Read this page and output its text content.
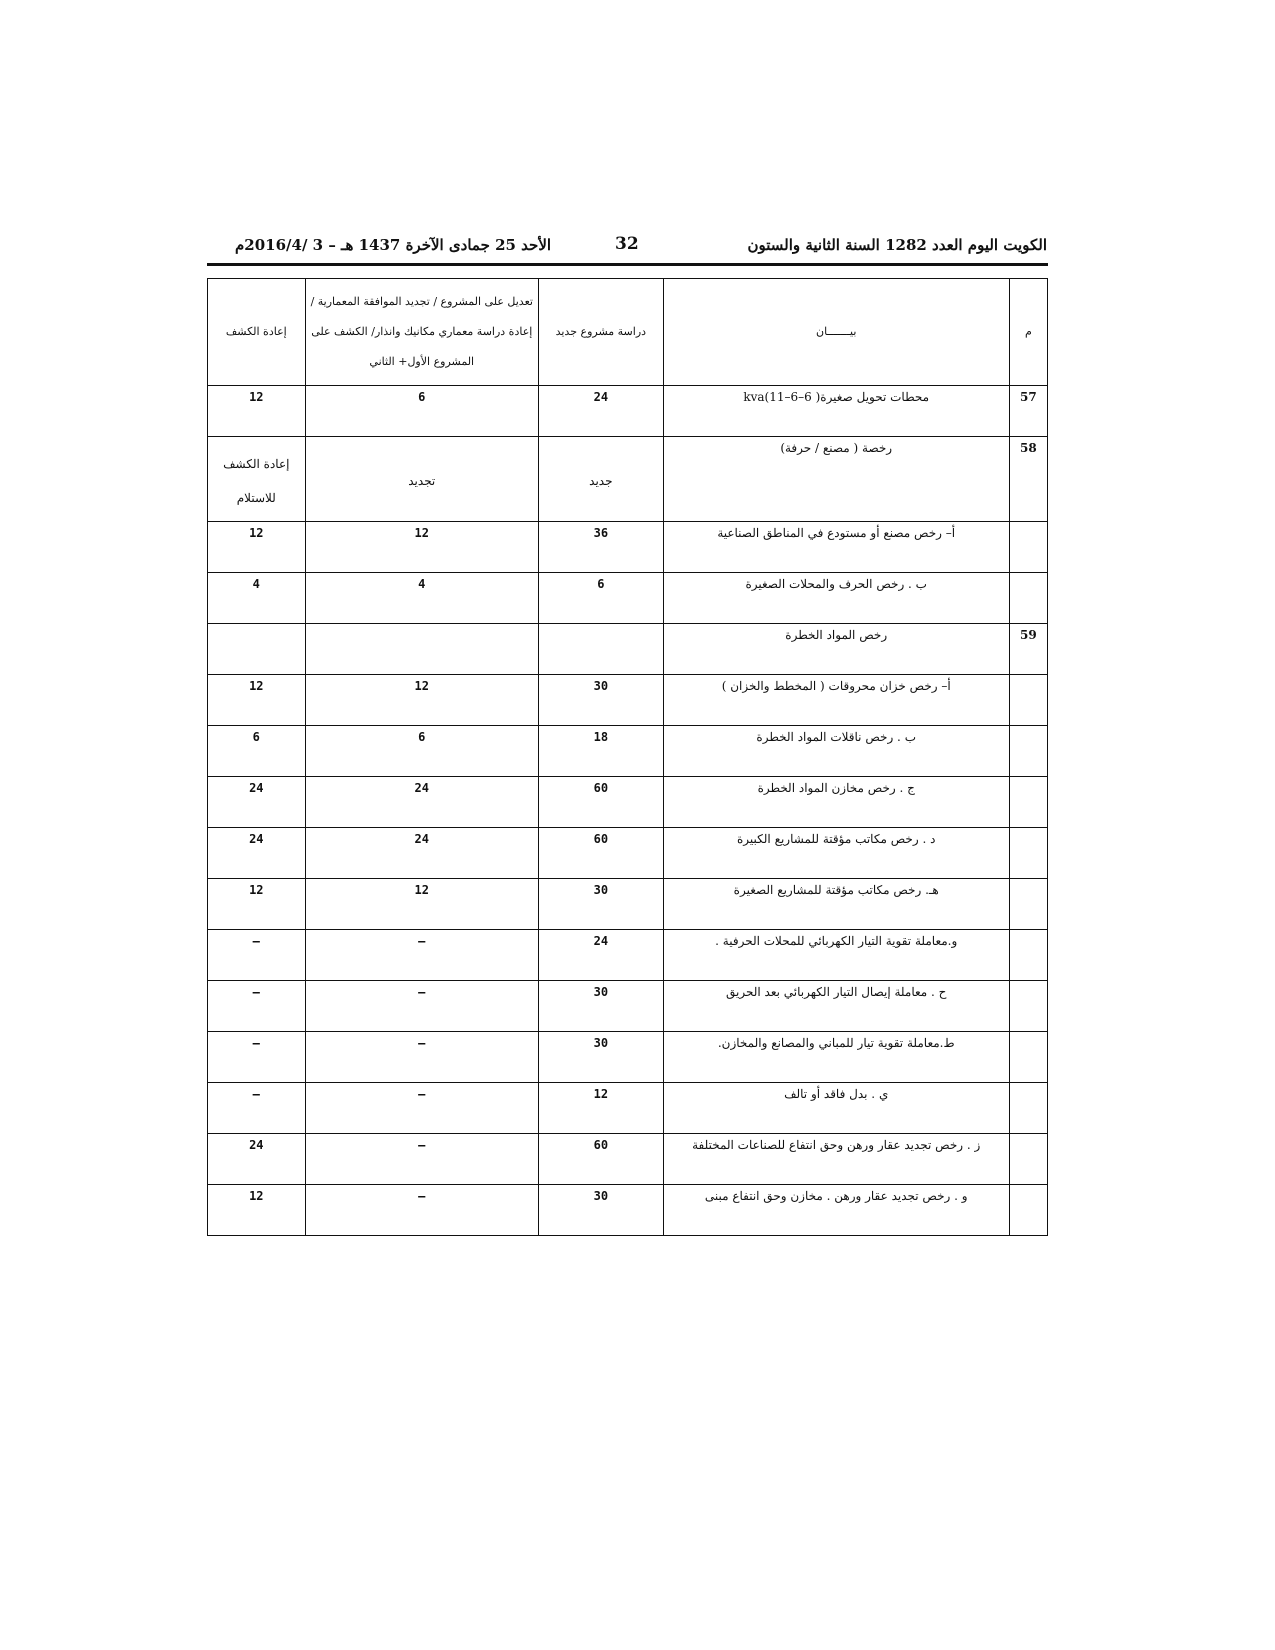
الكويت اليوم العدد 1282 السنة الثانية والستون
32
الأحد 25 جمادى الآخرة 1437 هـ – 3 /2016/4م
إعادة الكشف	تعديل على المشروع / تجديد الموافقة المعمارية /إعادة دراسة معماري مكانيك وانذار/ الكشف على المشروع الأول+ الثاني	دراسة مشروع جديد	بيـــــــان	م
12	6	24	محطات تحويل صغيرة( 6–6–11)kva	57
إعادة الكشف للاستلام	تجديد	جديد	رخصة ( مصنع / حرفة)	58
12	12	36	أ– رخص مصنع أو مستودع في المناطق الصناعية	
4	4	6	ب . رخص الحرف والمحلات الصغيرة	
			رخص المواد الخطرة	59
12	12	30	أ– رخص خزان محروقات ( المخطط والخزان )	
6	6	18	ب . رخص ناقلات المواد الخطرة	
24	24	60	ج . رخص مخازن المواد الخطرة	
24	24	60	د . رخص مكاتب مؤقتة للمشاريع الكبيرة	
12	12	30	هـ. رخص مكاتب مؤقتة للمشاريع الصغيرة	
–	–	24	و.معاملة تقوية التيار الكهربائي للمحلات الحرفية .	
–	–	30	ح . معاملة إيصال التيار الكهربائي بعد الحريق	
–	–	30	ط.معاملة تقوية تيار للمباني والمصانع والمخازن.	
–	–	12	ي . بدل فاقد أو تالف	
24	–	60	ز . رخص تجديد عقار ورهن وحق انتفاع للصناعات المختلفة	
12	–	30	و . رخص تجديد عقار ورهن . مخازن وحق انتفاع مبنى	
